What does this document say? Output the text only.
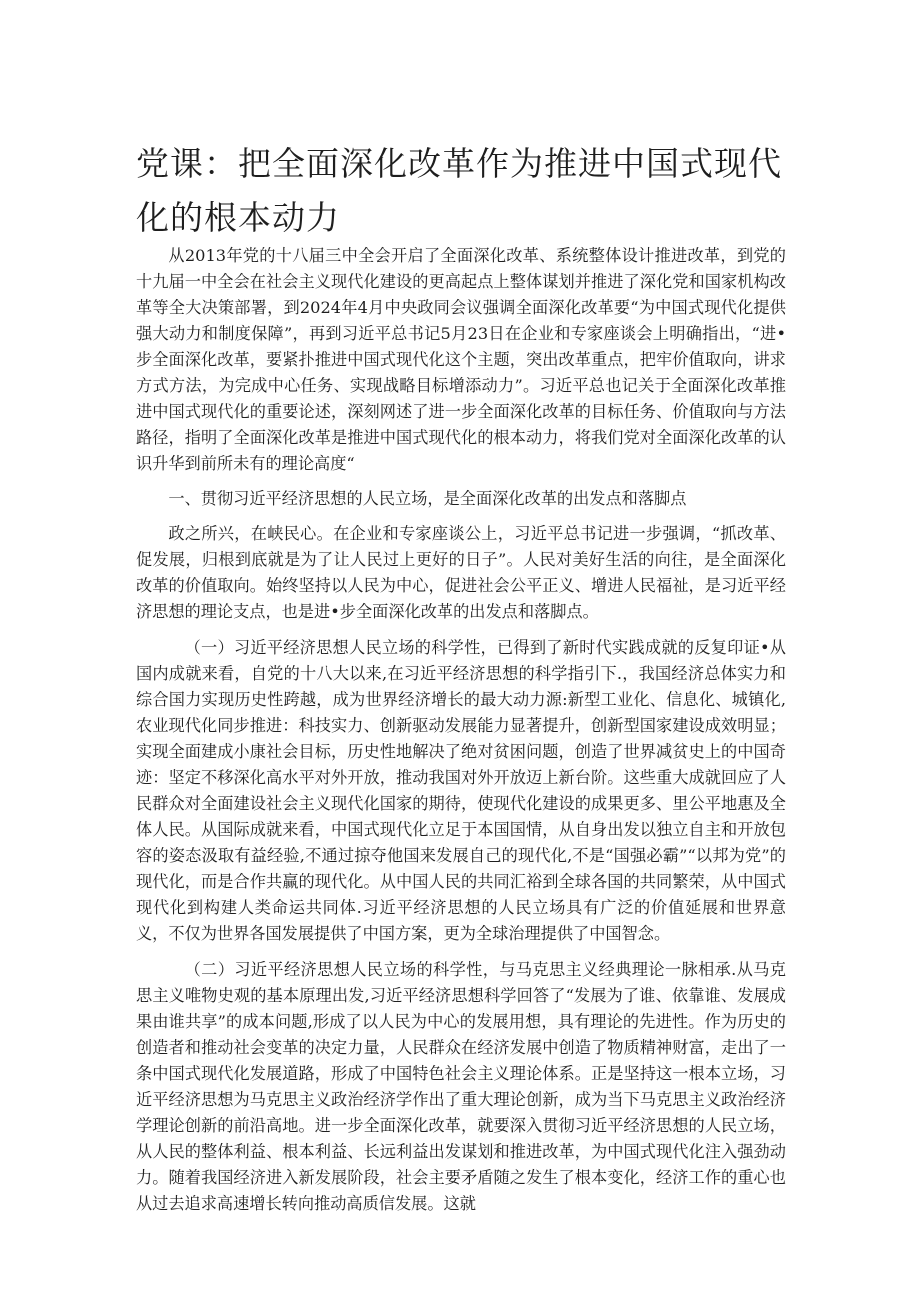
党课：把全面深化改革作为推进中国式现代化的根本动力

从2013年党的十八届三中全会开启了全面深化改革、系统整体设计推进改革，到党的十九届一中全会在社会主义现代化建设的更高起点上整体谋划并推进了深化党和国家机构改革等全大决策部署，到2024年4月中央政同会议强调全面深化改革要“为中国式现代化提供强大动力和制度保障”，再到习近平总书记5月23日在企业和专家座谈会上明确指出，“进•步全面深化改革，要紧扑推进中国式现代化这个主题，突出改革重点，把牢价值取向，讲求方式方法，为完成中心任务、实现战略目标增添动力”。习近平总也记关于全面深化改革推进中国式现代化的重要论述，深刻网述了进一步全面深化改革的目标任务、价值取向与方法路径，指明了全面深化改革是推进中国式现代化的根本动力，将我们党对全面深化改革的认识升华到前所未有的理论高度“

一、贯彻习近平经济思想的人民立场，是全面深化改革的出发点和落脚点

政之所兴，在峡民心。在企业和专家座谈公上，习近平总书记进一步强调，“抓改革、促发展，归根到底就是为了让人民过上更好的日子”。人民对美好生活的向往，是全面深化改革的价值取向。始终坚持以人民为中心，促进社会公平正义、增进人民福祉，是习近平经济思想的理论支点，也是进•步全面深化改革的出发点和落脚点。

（一）习近平经济思想人民立场的科学性，已得到了新时代实践成就的反复印证•从国内成就来看，自党的十八大以来,在习近平经济思想的科学指引下.，我国经济总体实力和综合国力实现历史性跨越，成为世界经济增长的最大动力源:新型工业化、信息化、城镇化,农业现代化同步推进：科技实力、创新驱动发展能力显著提升，创新型国家建设成效明显；实现全面建成小康社会目标，历史性地解决了绝对贫困问题，创造了世界减贫史上的中国奇迹：坚定不移深化高水平对外开放，推动我国对外开放迈上新台阶。这些重大成就回应了人民群众对全面建设社会主义现代化国家的期待，使现代化建设的成果更多、里公平地惠及全体人民。从国际成就来看，中国式现代化立足于本国国情，从自身出发以独立自主和开放包容的姿态汲取有益经验,不通过掠夺他国来发展自己的现代化,不是“国强必霸”“以邦为党”的现代化，而是合作共赢的现代化。从中国人民的共同汇裕到全球各国的共同繁荣，从中国式现代化到构建人类命运共同体.习近平经济思想的人民立场具有广泛的价值延展和世界意义，不仅为世界各国发展提供了中国方案，更为全球治理提供了中国智念。

（二）习近平经济思想人民立场的科学性，与马克思主义经典理论一脉相承.从马克思主义唯物史观的基本原理出发,习近平经济思想科学回答了“发展为了谁、依靠谁、发展成果由谁共享”的成本问题,形成了以人民为中心的发展用想，具有理论的先进性。作为历史的创造者和推动社会变革的决定力量，人民群众在经济发展中创造了物质精神财富，走出了一条中国式现代化发展道路，形成了中国特色社会主义理论体系。正是坚持这一根本立场，习近平经济思想为马克思主义政治经济学作出了重大理论创新，成为当下马克思主义政治经济学理论创新的前沿高地。进一步全面深化改革，就要深入贯彻习近平经济思想的人民立场，从人民的整体利益、根本利益、长远利益出发谋划和推进改革，为中国式现代化注入强劲动力。随着我国经济进入新发展阶段，社会主要矛盾随之发生了根本变化，经济工作的重心也从过去追求高速增长转向推动高质信发展。这就
